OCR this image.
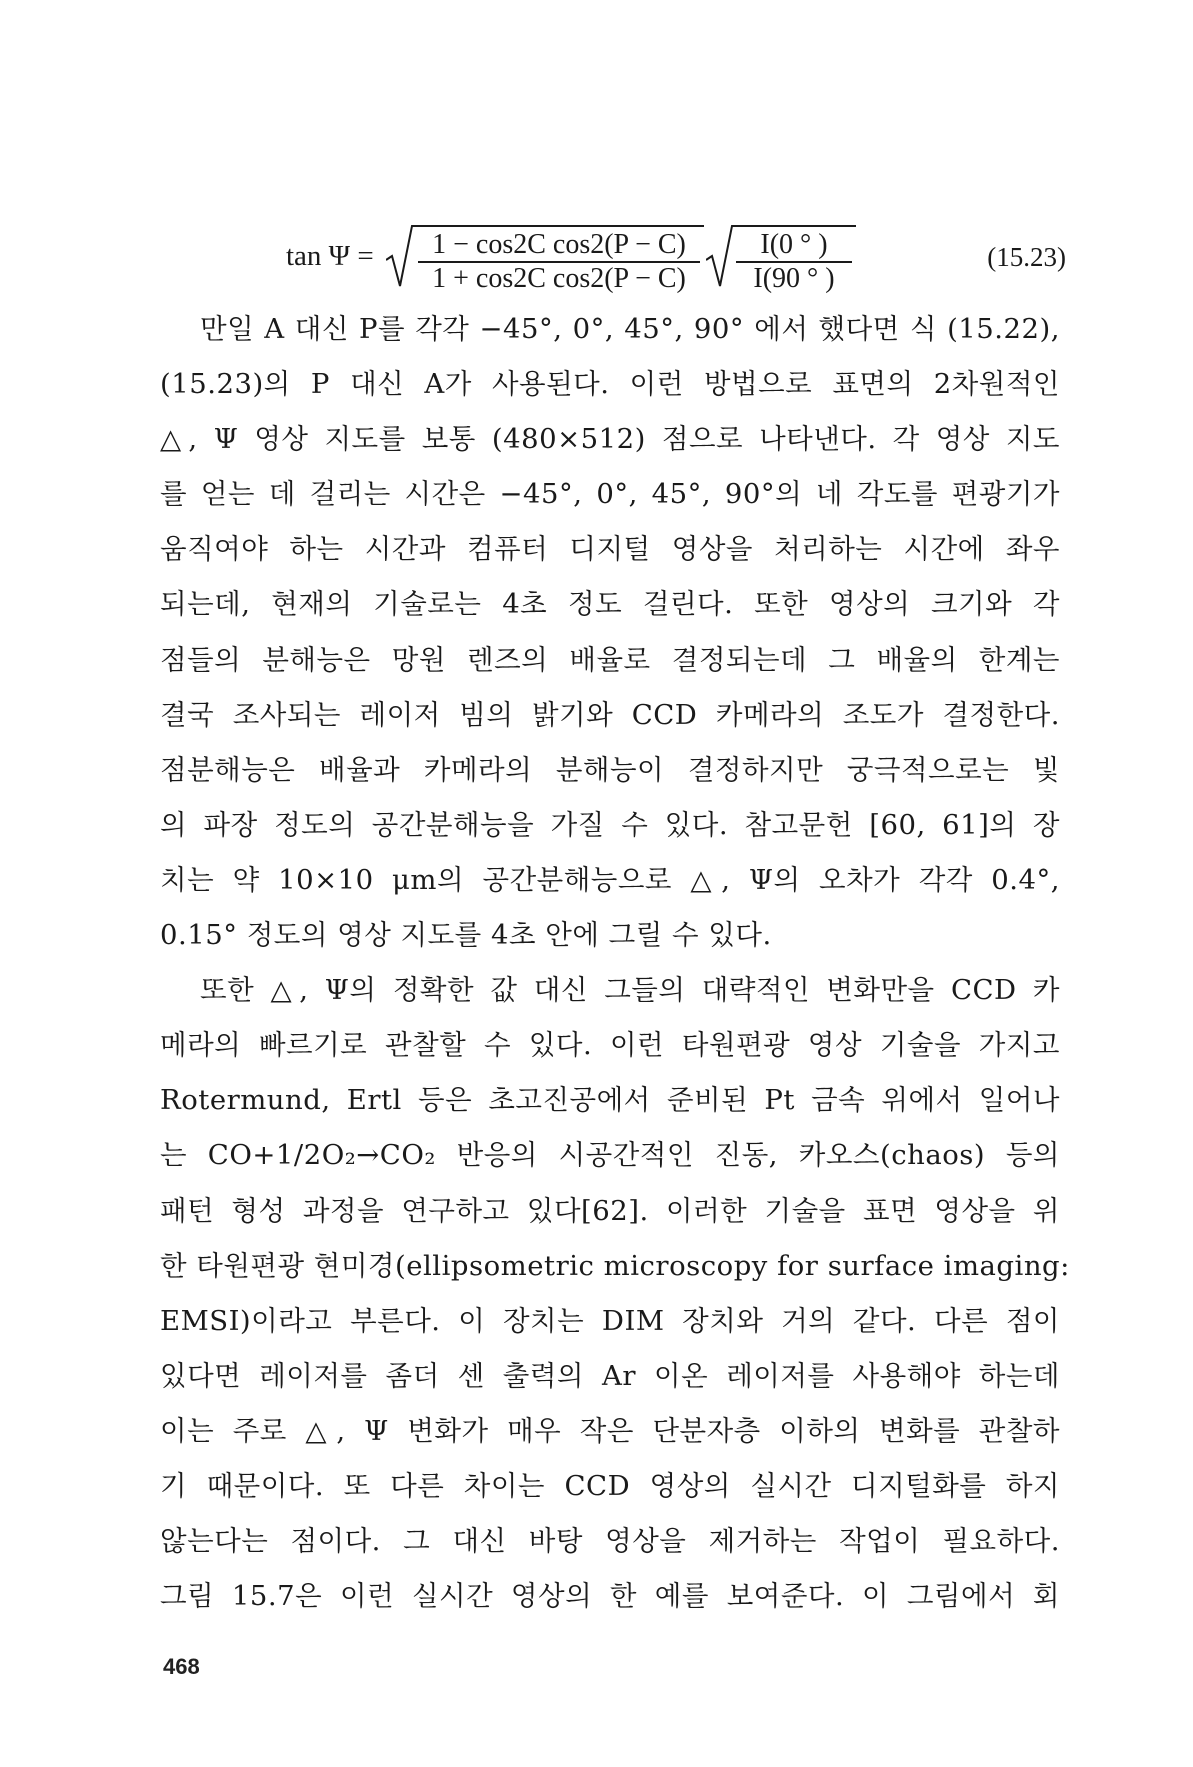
tan Ψ =	1 − cos2C cos2(P − C)
1 + cos2C cos2(P − C)
I(0 ° )
I(90 ° )
(15.23)
만일 A 대신 P를 각각 −45°, 0°, 45°, 90° 에서 했다면 식 (15.22),
(15.23)의 P 대신 A가 사용된다. 이런 방법으로 표면의 2차원적인
△, Ψ 영상 지도를 보통 (480×512) 점으로 나타낸다. 각 영상 지도
를 얻는 데 걸리는 시간은 −45°, 0°, 45°, 90°의 네 각도를 편광기가
움직여야 하는 시간과 컴퓨터 디지털 영상을 처리하는 시간에 좌우
되는데, 현재의 기술로는 4초 정도 걸린다. 또한 영상의 크기와 각
점들의 분해능은 망원 렌즈의 배율로 결정되는데 그 배율의 한계는
결국 조사되는 레이저 빔의 밝기와 CCD 카메라의 조도가 결정한다.
점분해능은 배율과 카메라의 분해능이 결정하지만 궁극적으로는 빛
의 파장 정도의 공간분해능을 가질 수 있다. 참고문헌 [60, 61]의 장
치는 약 10×10 μm의 공간분해능으로 △, Ψ의 오차가 각각 0.4°,
0.15° 정도의 영상 지도를 4초 안에 그릴 수 있다.
또한 △, Ψ의 정확한 값 대신 그들의 대략적인 변화만을 CCD 카
메라의 빠르기로 관찰할 수 있다. 이런 타원편광 영상 기술을 가지고
Rotermund, Ertl 등은 초고진공에서 준비된 Pt 금속 위에서 일어나
는 CO+1/2O₂→CO₂ 반응의 시공간적인 진동, 카오스(chaos) 등의
패턴 형성 과정을 연구하고 있다[62]. 이러한 기술을 표면 영상을 위
한 타원편광 현미경(ellipsometric microscopy for surface imaging:
EMSI)이라고 부른다. 이 장치는 DIM 장치와 거의 같다. 다른 점이
있다면 레이저를 좀더 센 출력의 Ar 이온 레이저를 사용해야 하는데
이는 주로 △, Ψ 변화가 매우 작은 단분자층 이하의 변화를 관찰하
기 때문이다. 또 다른 차이는 CCD 영상의 실시간 디지털화를 하지
않는다는 점이다. 그 대신 바탕 영상을 제거하는 작업이 필요하다.
그림 15.7은 이런 실시간 영상의 한 예를 보여준다. 이 그림에서 회
468
